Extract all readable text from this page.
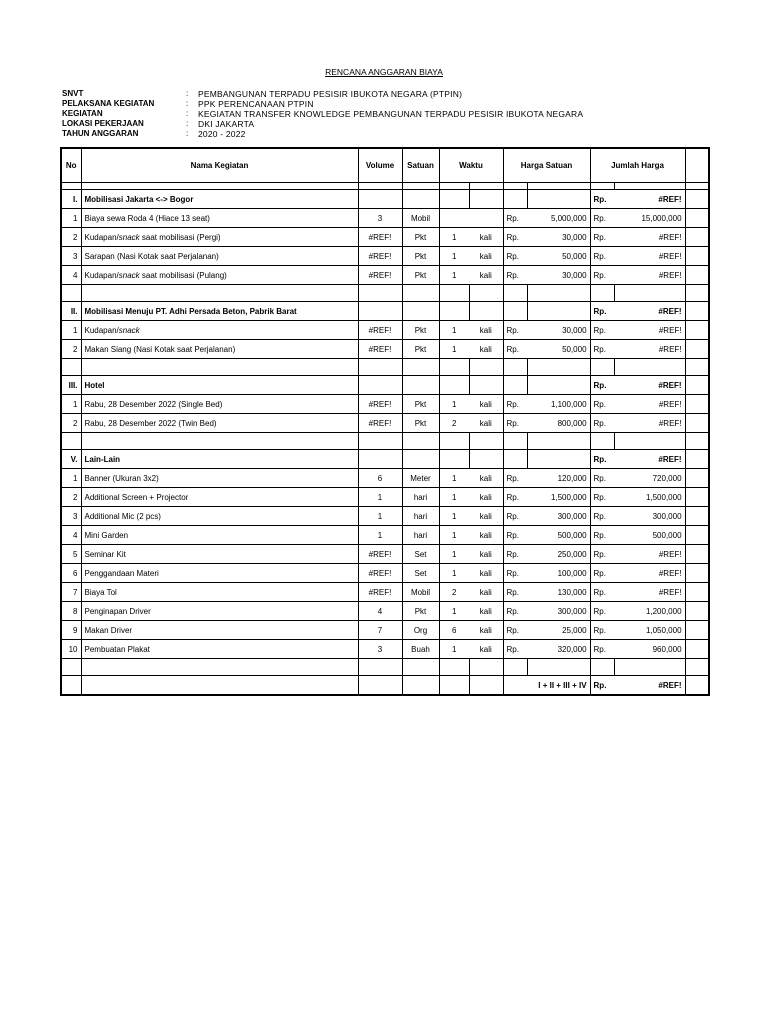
RENCANA ANGGARAN BIAYA
SNVT	:	PEMBANGUNAN TERPADU PESISIR IBUKOTA NEGARA (PTPIN)
PELAKSANA KEGIATAN	:	PPK PERENCANAAN PTPIN
KEGIATAN	:	KEGIATAN TRANSFER KNOWLEDGE PEMBANGUNAN TERPADU PESISIR IBUKOTA NEGARA
LOKASI PEKERJAAN	:	DKI JAKARTA
TAHUN ANGGARAN	:	2020 - 2022
No	Nama Kegiatan	Volume	Satuan	Waktu		Harga Satuan		Jumlah Harga		

I.	Mobilisasi Jakarta <-> Bogor							Rp.	#REF!	
1	Biaya sewa Roda 4 (Hiace 13 seat)	3	Mobil			Rp.	5,000,000	Rp.	15,000,000	
2	Kudapan/snack saat mobilisasi (Pergi)	#REF!	Pkt	1	kali	Rp.	30,000	Rp.	#REF!	
3	Sarapan (Nasi Kotak saat Perjalanan)	#REF!	Pkt	1	kali	Rp.	50,000	Rp.	#REF!	
4	Kudapan/snack saat mobilisasi (Pulang)	#REF!	Pkt	1	kali	Rp.	30,000	Rp.	#REF!	

II.	Mobilisasi Menuju PT. Adhi Persada Beton, Pabrik Barat							Rp.	#REF!	
1	Kudapan/snack	#REF!	Pkt	1	kali	Rp.	30,000	Rp.	#REF!	
2	Makan Siang (Nasi Kotak saat Perjalanan)	#REF!	Pkt	1	kali	Rp.	50,000	Rp.	#REF!	

III.	Hotel							Rp.	#REF!	
1	Rabu, 28 Desember 2022 (Single Bed)	#REF!	Pkt	1	kali	Rp.	1,100,000	Rp.	#REF!	
2	Rabu, 28 Desember 2022 (Twin Bed)	#REF!	Pkt	2	kali	Rp.	800,000	Rp.	#REF!	

V.	Lain-Lain							Rp.	#REF!	
1	Banner (Ukuran 3x2)	6	Meter	1	kali	Rp.	120,000	Rp.	720,000	
2	Additional Screen + Projector	1	hari	1	kali	Rp.	1,500,000	Rp.	1,500,000	
3	Additional Mic (2 pcs)	1	hari	1	kali	Rp.	300,000	Rp.	300,000	
4	Mini Garden	1	hari	1	kali	Rp.	500,000	Rp.	500,000	
5	Seminar Kit	#REF!	Set	1	kali	Rp.	250,000	Rp.	#REF!	
6	Penggandaan Materi	#REF!	Set	1	kali	Rp.	100,000	Rp.	#REF!	
7	Biaya Tol	#REF!	Mobil	2	kali	Rp.	130,000	Rp.	#REF!	
8	Penginapan Driver	4	Pkt	1	kali	Rp.	300,000	Rp.	1,200,000	
9	Makan Driver	7	Org	6	kali	Rp.	25,000	Rp.	1,050,000	
10	Pembuatan Plakat	3	Buah	1	kali	Rp.	320,000	Rp.	960,000	

						I + II + III + IV		Rp.	#REF!	
